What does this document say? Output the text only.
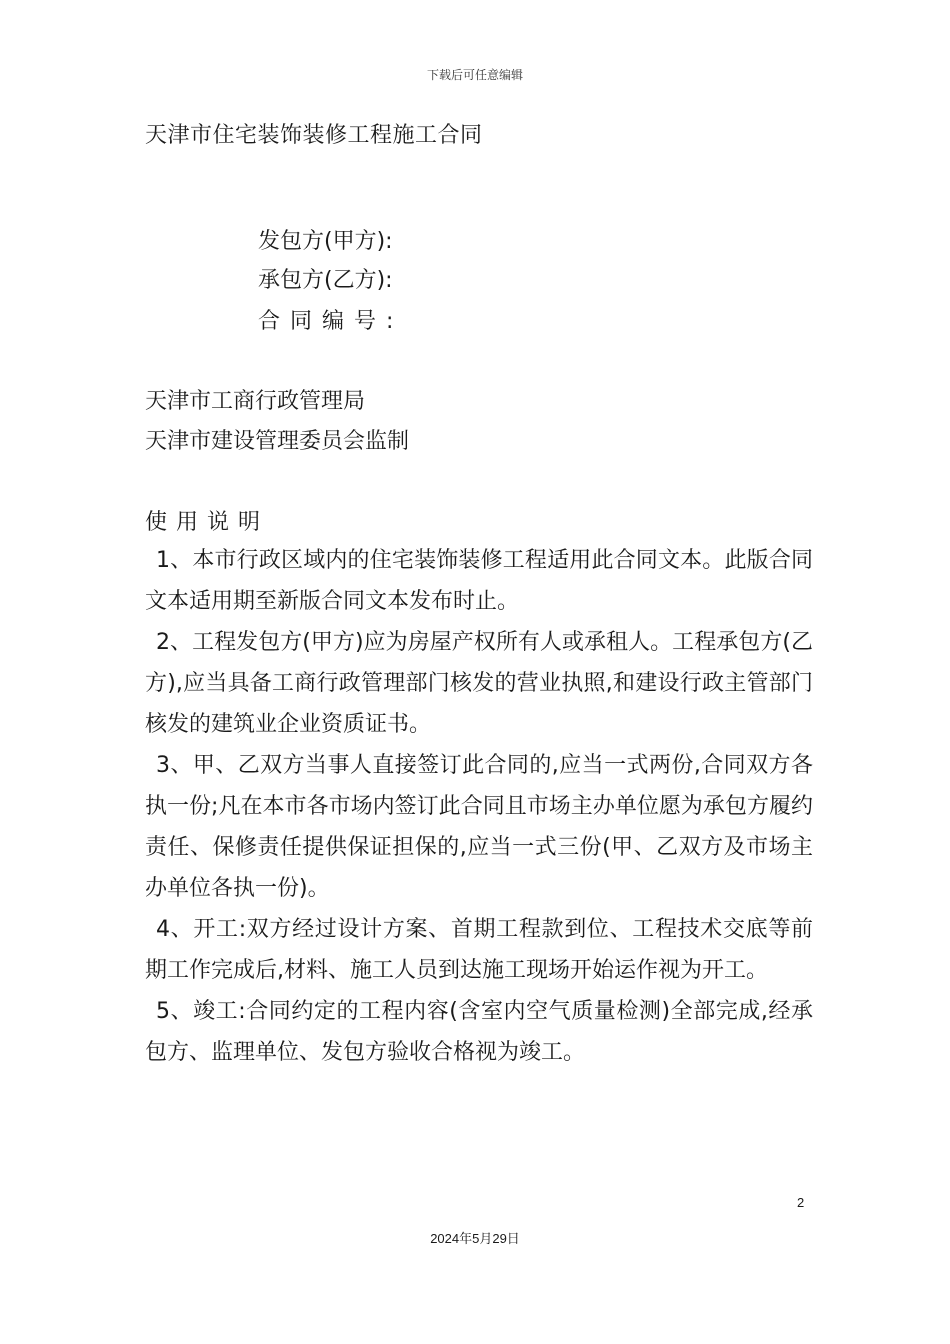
下载后可任意编辑
天津市住宅装饰装修工程施工合同
发包方(甲方):
承包方(乙方):
合同编号:
天津市工商行政管理局
天津市建设管理委员会监制
使用说明

1、本市行政区域内的住宅装饰装修工程适用此合同文本。此版合同文本适用期至新版合同文本发布时止。

2、工程发包方(甲方)应为房屋产权所有人或承租人。工程承包方(乙方),应当具备工商行政管理部门核发的营业执照,和建设行政主管部门核发的建筑业企业资质证书。

3、甲、乙双方当事人直接签订此合同的,应当一式两份,合同双方各执一份;凡在本市各市场内签订此合同且市场主办单位愿为承包方履约责任、保修责任提供保证担保的,应当一式三份(甲、乙双方及市场主办单位各执一份)。

4、开工:双方经过设计方案、首期工程款到位、工程技术交底等前期工作完成后,材料、施工人员到达施工现场开始运作视为开工。

5、竣工:合同约定的工程内容(含室内空气质量检测)全部完成,经承包方、监理单位、发包方验收合格视为竣工。

2
2024年5月29日
